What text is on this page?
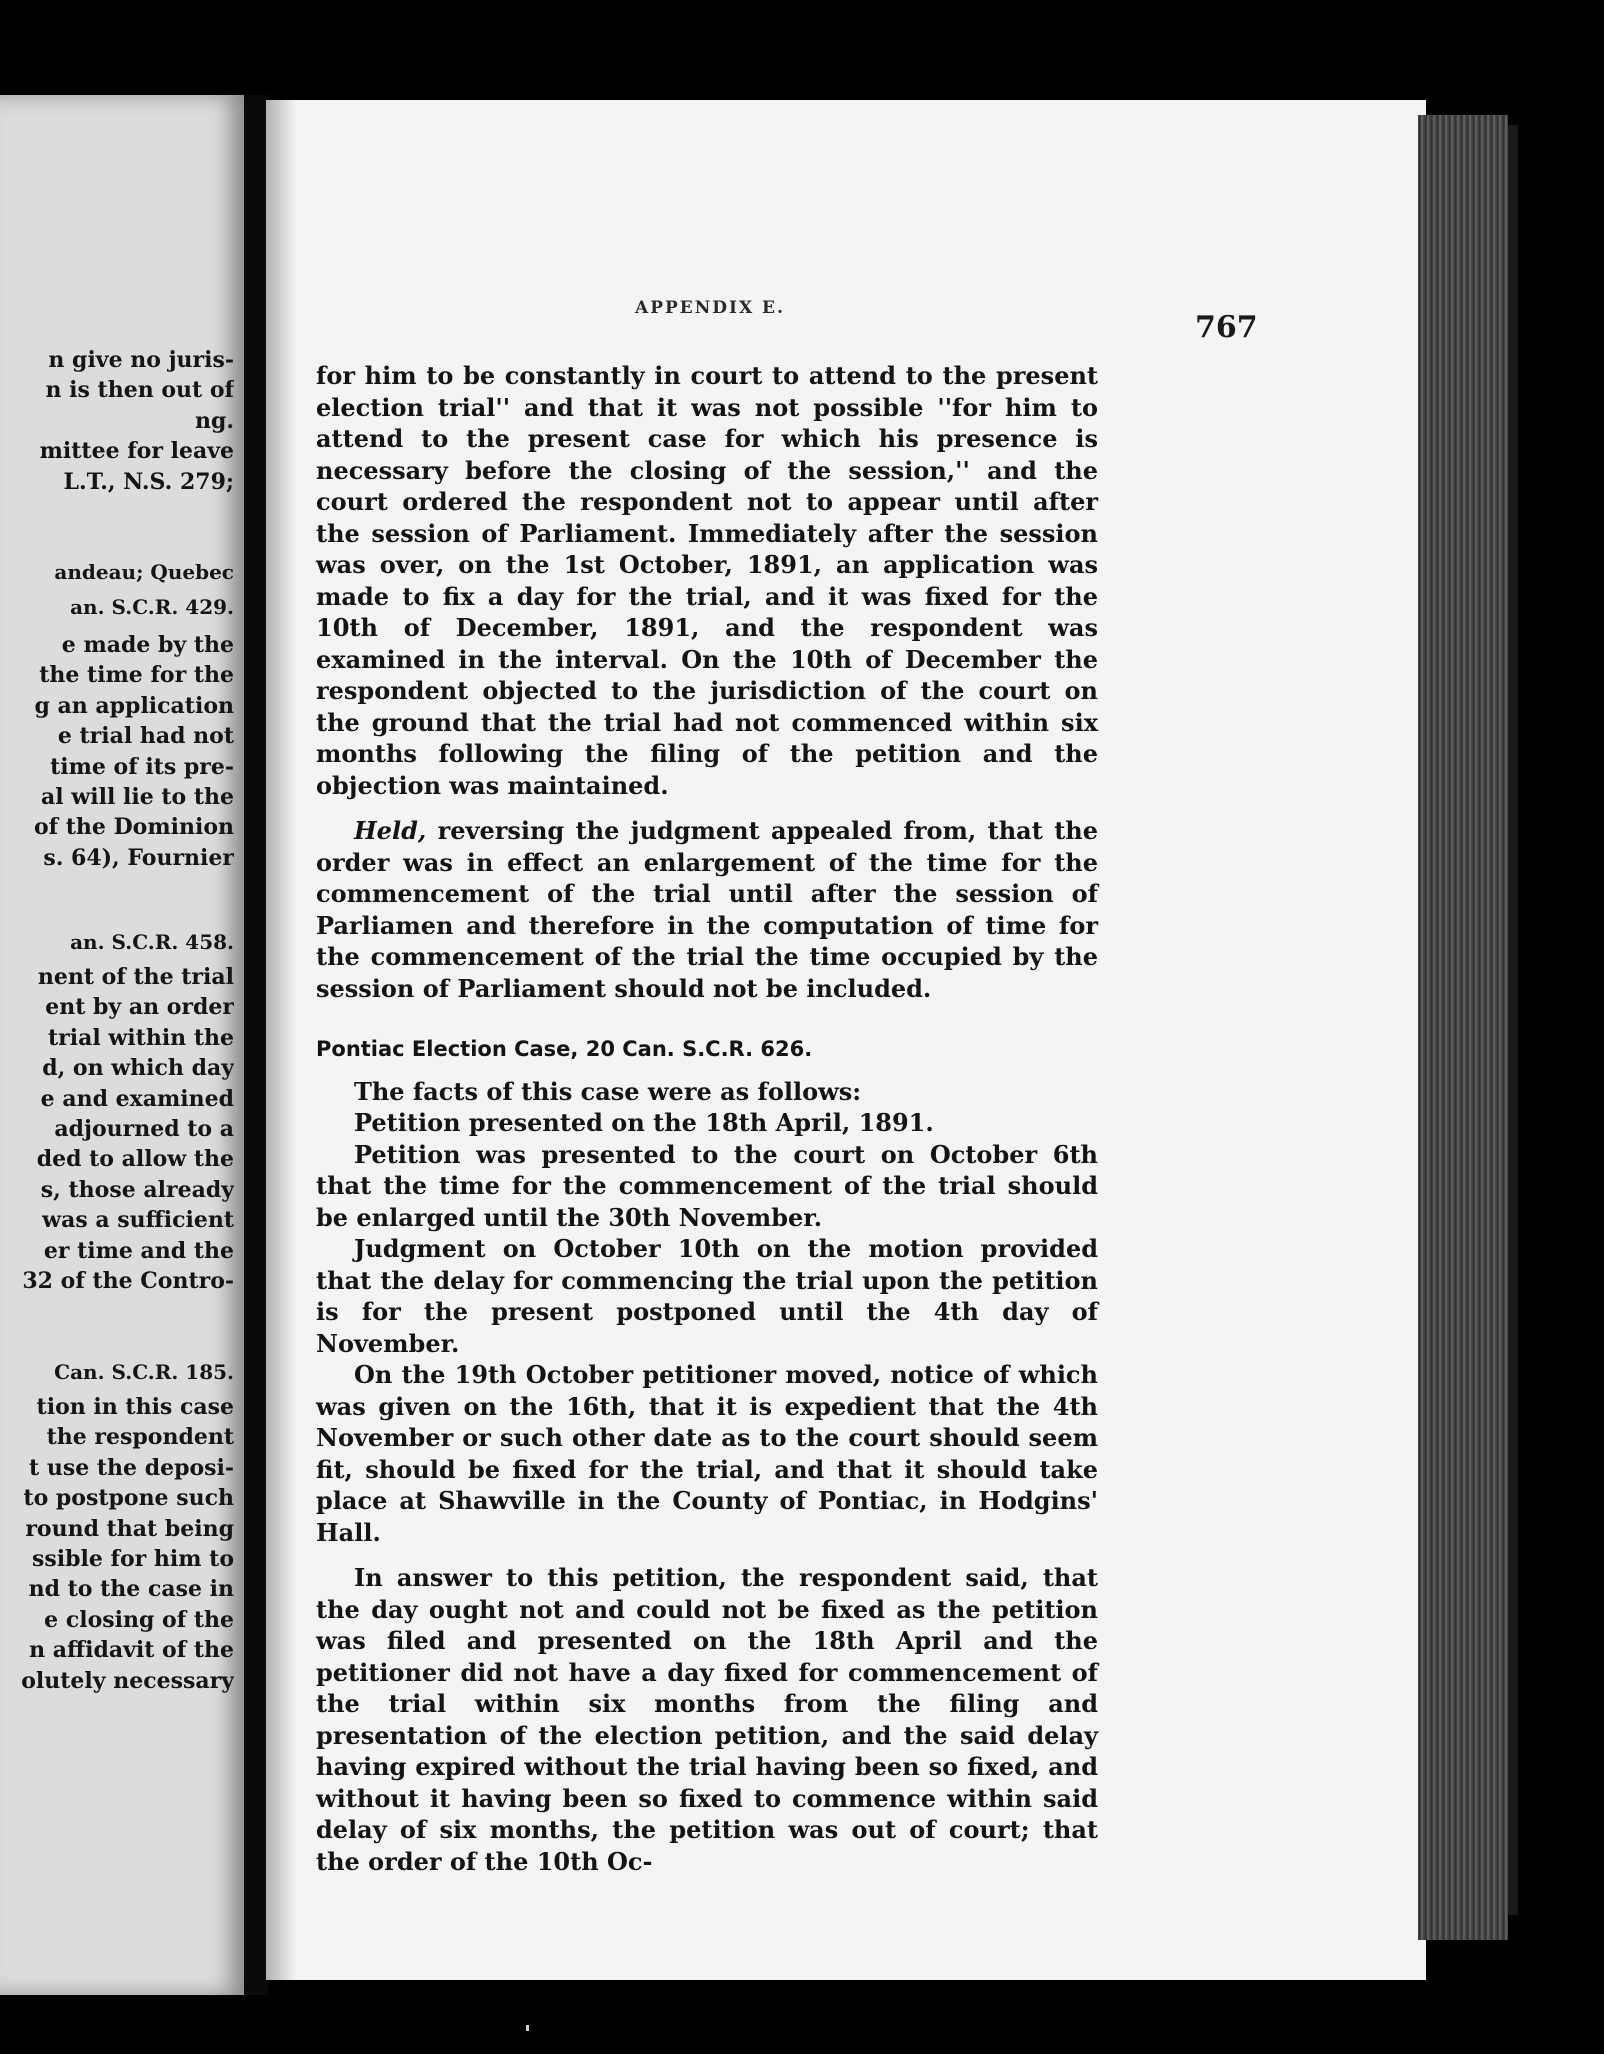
n give no juris-
n is then out of
ng.
mittee for leave
L.T., N.S. 279;
andeau; Quebec
an. S.C.R. 429.
e made by the
the time for the
g an application
e trial had not
time of its pre-
al will lie to the
of the Dominion
s. 64), Fournier
an. S.C.R. 458.
nent of the trial
ent by an order
trial within the
d, on which day
e and examined
adjourned to a
ded to allow the
s, those already
was a sufficient
er time and the
32 of the Contro-
Can. S.C.R. 185.
tion in this case
the respondent
t use the deposi-
to postpone such
round that being
ssible for him to
nd to the case in
e closing of the
n affidavit of the
olutely necessary
APPENDIX E.
767

for him to be constantly in court to attend to the present election trial'' and that it was not possible ''for him to attend to the present case for which his presence is necessary before the closing of the session,'' and the court ordered the respondent not to appear until after the session of Parliament. Immediately after the session was over, on the 1st October, 1891, an application was made to fix a day for the trial, and it was fixed for the 10th of December, 1891, and the respondent was examined in the interval. On the 10th of December the respondent objected to the jurisdiction of the court on the ground that the trial had not commenced within six months following the filing of the petition and the objection was maintained.

Held, reversing the judgment appealed from, that the order was in effect an enlargement of the time for the commencement of the trial until after the session of Parliamen and therefore in the computation of time for the commencement of the trial the time occupied by the session of Parliament should not be included.

Pontiac Election Case, 20 Can. S.C.R. 626.

The facts of this case were as follows:

Petition presented on the 18th April, 1891.

Petition was presented to the court on October 6th that the time for the commencement of the trial should be enlarged until the 30th November.

Judgment on October 10th on the motion provided that the delay for commencing the trial upon the petition is for the present postponed until the 4th day of November.

On the 19th October petitioner moved, notice of which was given on the 16th, that it is expedient that the 4th November or such other date as to the court should seem fit, should be fixed for the trial, and that it should take place at Shawville in the County of Pontiac, in Hodgins' Hall.

In answer to this petition, the respondent said, that the day ought not and could not be fixed as the petition was filed and presented on the 18th April and the petitioner did not have a day fixed for commencement of the trial within six months from the filing and presentation of the election petition, and the said delay having expired without the trial having been so fixed, and without it having been so fixed to commence within said delay of six months, the petition was out of court; that the order of the 10th Oc-
